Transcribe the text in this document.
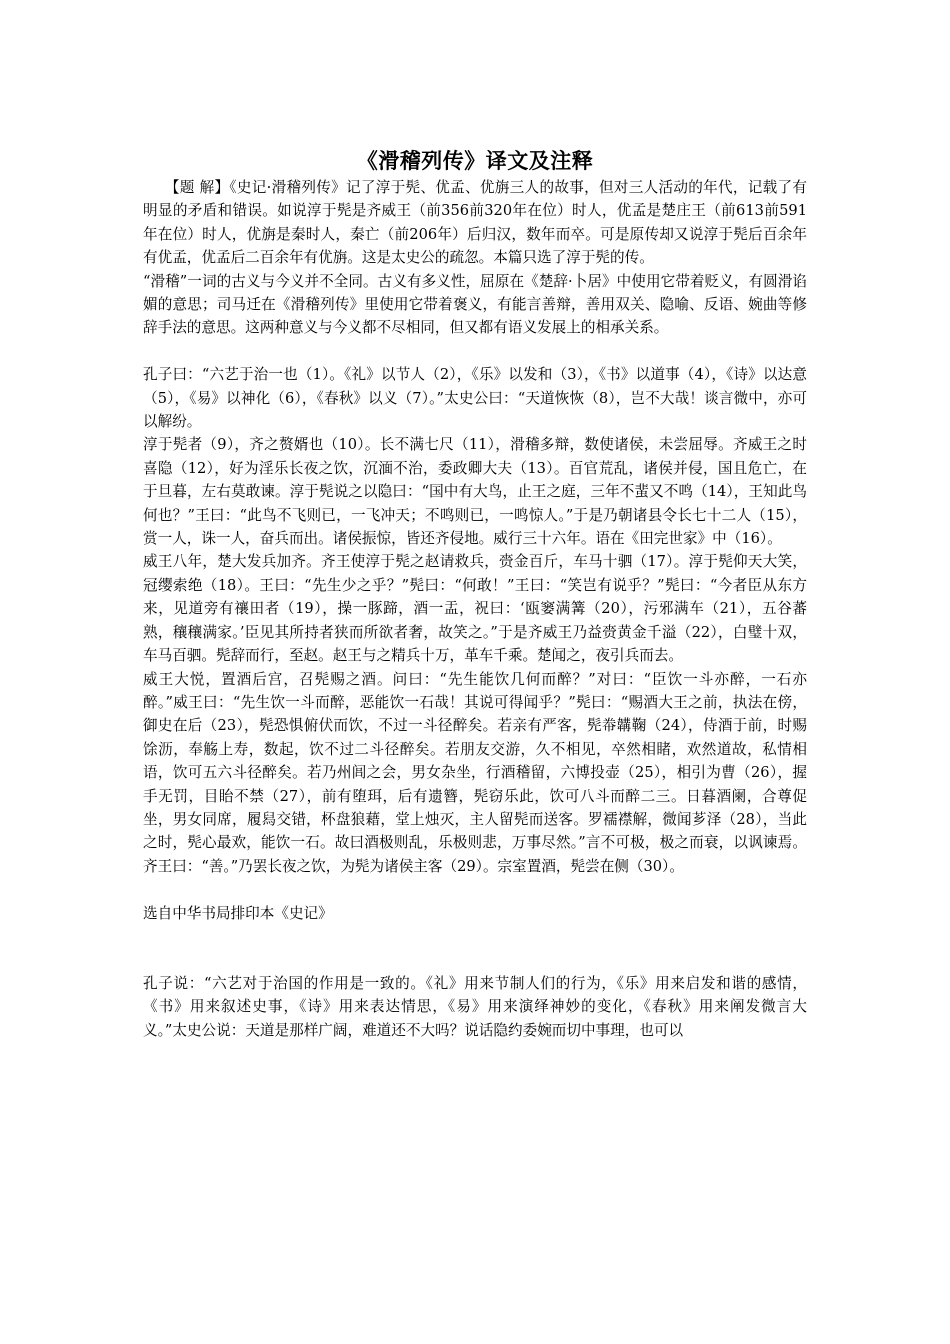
《滑稽列传》译文及注释

【题 解】《史记·滑稽列传》记了淳于髡、优孟、优旃三人的故事，但对三人活动的年代，记载了有明显的矛盾和错误。如说淳于髡是齐威王（前356前320年在位）时人，优孟是楚庄王（前613前591年在位）时人，优旃是秦时人，秦亡（前206年）后归汉，数年而卒。可是原传却又说淳于髡后百余年有优孟，优孟后二百余年有优旃。这是太史公的疏忽。本篇只选了淳于髡的传。

“滑稽”一词的古义与今义并不全同。古义有多义性，屈原在《楚辞·卜居》中使用它带着贬义，有圆滑谄媚的意思；司马迁在《滑稽列传》里使用它带着褒义，有能言善辩，善用双关、隐喻、反语、婉曲等修辞手法的意思。这两种意义与今义都不尽相同，但又都有语义发展上的相承关系。

孔子曰：“六艺于治一也（1）。《礼》以节人（2），《乐》以发和（3），《书》以道事（4），《诗》以达意（5），《易》以神化（6），《春秋》以义（7）。”太史公曰：“天道恢恢（8），岂不大哉！谈言微中，亦可以解纷。

淳于髡者（9），齐之赘婿也（10）。长不满七尺（11），滑稽多辩，数使诸侯，未尝屈辱。齐威王之时喜隐（12），好为淫乐长夜之饮，沉湎不治，委政卿大夫（13）。百官荒乱，诸侯并侵，国且危亡，在于旦暮，左右莫敢谏。淳于髡说之以隐曰：“国中有大鸟，止王之庭，三年不蜚又不鸣（14），王知此鸟何也？”王曰：“此鸟不飞则已，一飞冲天；不鸣则已，一鸣惊人。”于是乃朝诸县令长七十二人（15），赏一人，诛一人，奋兵而出。诸侯振惊，皆还齐侵地。威行三十六年。语在《田完世家》中（16）。

威王八年，楚大发兵加齐。齐王使淳于髡之赵请救兵，赍金百斤，车马十驷（17）。淳于髡仰天大笑，冠缨索绝（18）。王曰：“先生少之乎？”髡曰：“何敢！”王曰：“笑岂有说乎？”髡曰：“今者臣从东方来，见道旁有禳田者（19），操一豚蹄，酒一盂，祝曰：‘瓯窭满篝（20），污邪满车（21），五谷蕃熟，穰穰满家。’臣见其所持者狭而所欲者奢，故笑之。”于是齐威王乃益赍黄金千溢（22），白璧十双，车马百驷。髡辞而行，至赵。赵王与之精兵十万，革车千乘。楚闻之，夜引兵而去。

威王大悦，置酒后宫，召髡赐之酒。问曰：“先生能饮几何而醉？”对曰：“臣饮一斗亦醉，一石亦醉。”威王曰：“先生饮一斗而醉，恶能饮一石哉！其说可得闻乎？”髡曰：“赐酒大王之前，执法在傍，御史在后（23），髡恐惧俯伏而饮，不过一斗径醉矣。若亲有严客，髡帣韝鞠（24），侍酒于前，时赐馀沥，奉觞上寿，数起，饮不过二斗径醉矣。若朋友交游，久不相见，卒然相睹，欢然道故，私情相语，饮可五六斗径醉矣。若乃州闾之会，男女杂坐，行酒稽留，六博投壶（25），相引为曹（26），握手无罚，目眙不禁（27），前有堕珥，后有遗簪，髡窃乐此，饮可八斗而醉二三。日暮酒阑，合尊促坐，男女同席，履舄交错，杯盘狼藉，堂上烛灭，主人留髡而送客。罗襦襟解，微闻芗泽（28），当此之时，髡心最欢，能饮一石。故曰酒极则乱，乐极则悲，万事尽然。”言不可极，极之而衰，以讽谏焉。齐王曰：“善。”乃罢长夜之饮，为髡为诸侯主客（29）。宗室置酒，髡尝在侧（30）。

选自中华书局排印本《史记》

孔子说：“六艺对于治国的作用是一致的。《礼》用来节制人们的行为，《乐》用来启发和谐的感情，《书》用来叙述史事，《诗》用来表达情思，《易》用来演绎神妙的变化，《春秋》用来阐发微言大义。”太史公说：天道是那样广阔，难道还不大吗？说话隐约委婉而切中事理，也可以
